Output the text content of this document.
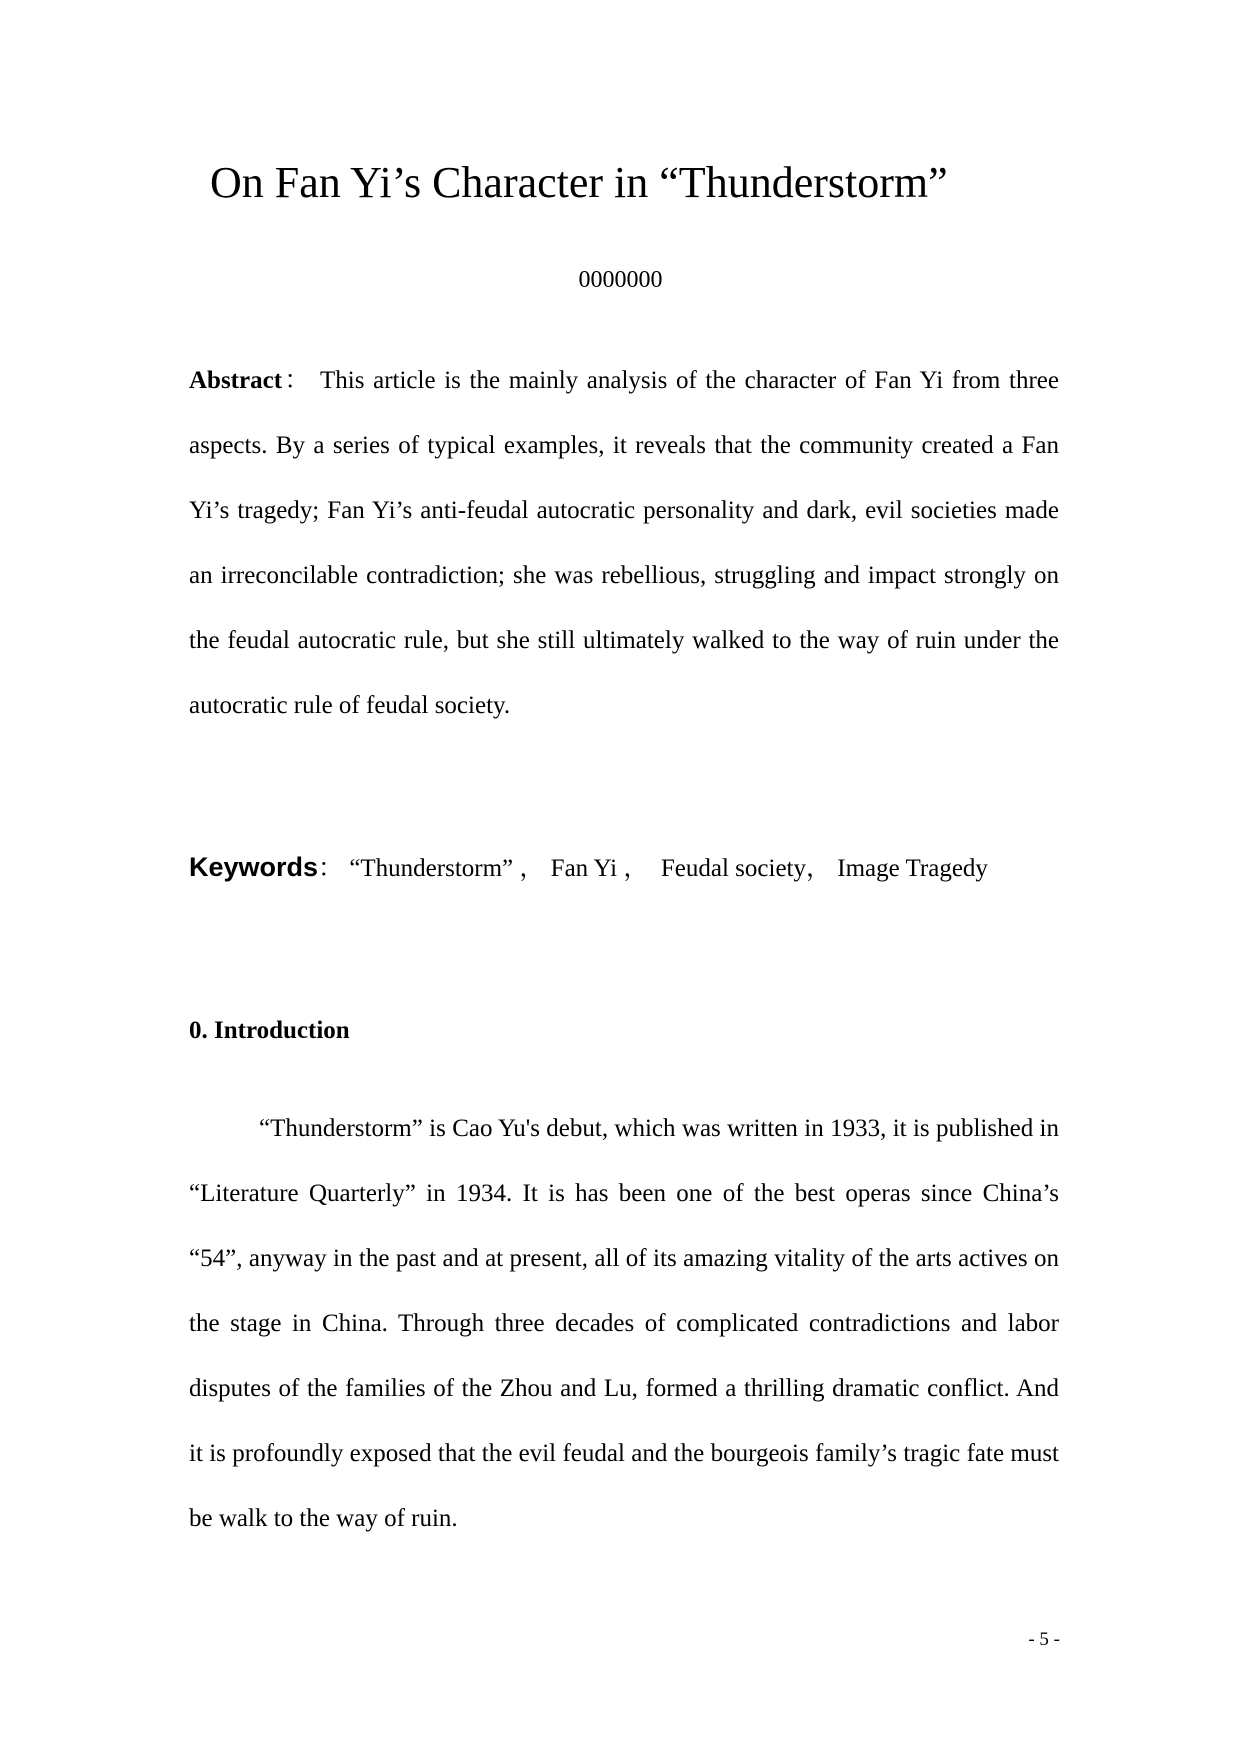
On Fan Yi’s Character in “Thunderstorm”
0000000

Abstract： This article is the mainly analysis of the character of Fan Yi from three aspects. By a series of typical examples, it reveals that the community created a Fan Yi’s tragedy; Fan Yi’s anti-feudal autocratic personality and dark, evil societies made an irreconcilable contradiction; she was rebellious, struggling and impact strongly on the feudal autocratic rule, but she still ultimately walked to the way of ruin under the autocratic rule of feudal society.

Keywords： “Thunderstorm” ， Fan Yi ， Feudal society， Image Tragedy

0. Introduction

“Thunderstorm” is Cao Yu's debut, which was written in 1933, it is published in “Literature Quarterly” in 1934. It is has been one of the best operas since China’s “54”, anyway in the past and at present, all of its amazing vitality of the arts actives on the stage in China. Through three decades of complicated contradictions and labor disputes of the families of the Zhou and Lu, formed a thrilling dramatic conflict. And it is profoundly exposed that the evil feudal and the bourgeois family’s tragic fate must be walk to the way of ruin.

- 5 -
